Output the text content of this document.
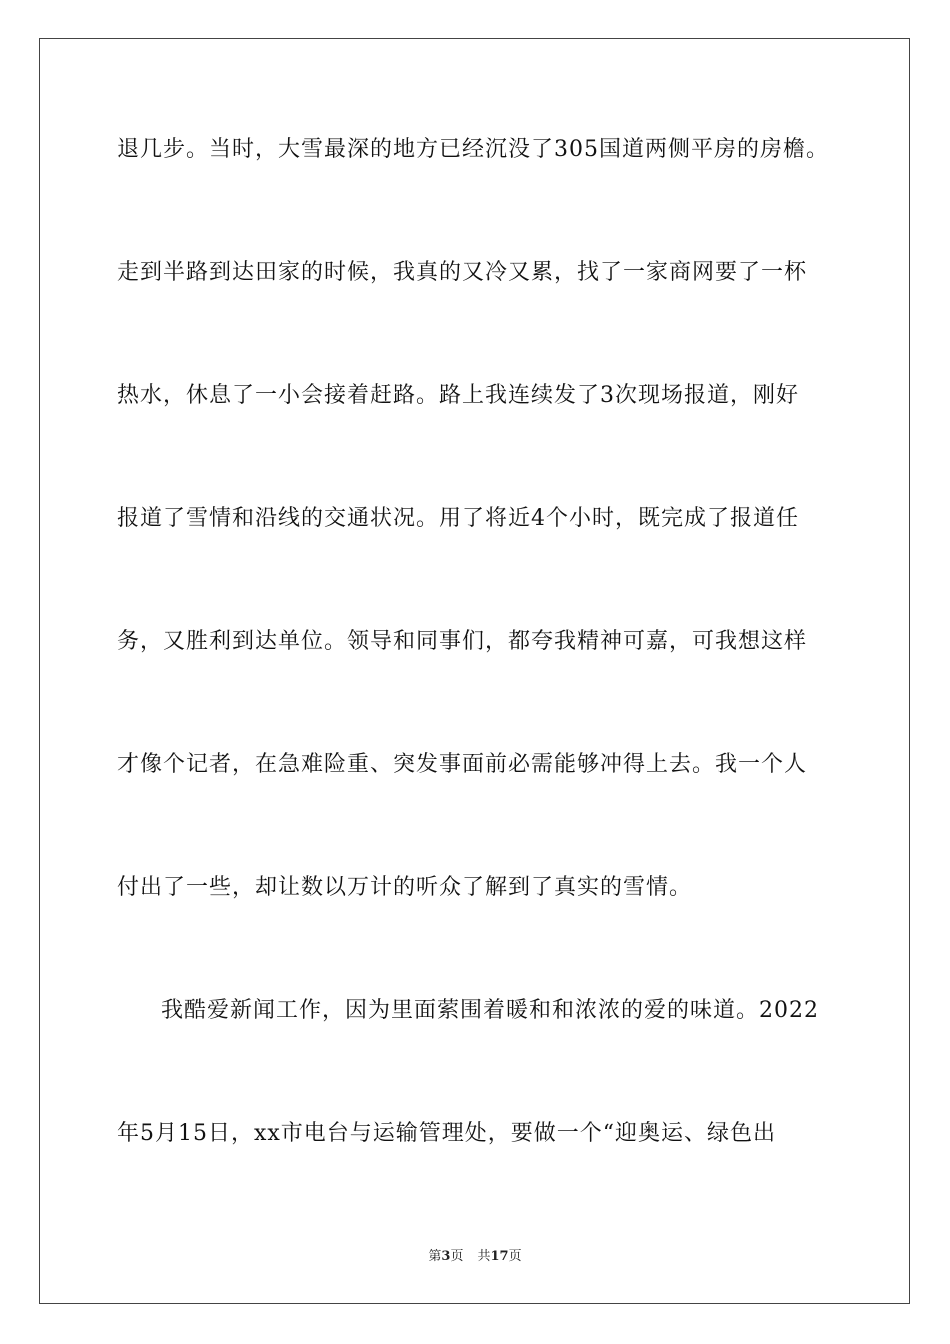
退几步。当时，大雪最深的地方已经沉没了305国道两侧平房的房檐。
走到半路到达田家的时候，我真的又冷又累，找了一家商网要了一杯
热水，休息了一小会接着赶路。路上我连续发了3次现场报道，刚好
报道了雪情和沿线的交通状况。用了将近4个小时，既完成了报道任
务，又胜利到达单位。领导和同事们，都夸我精神可嘉，可我想这样
才像个记者，在急难险重、突发事面前必需能够冲得上去。我一个人
付出了一些，却让数以万计的听众了解到了真实的雪情。
我酷爱新闻工作，因为里面萦围着暖和和浓浓的爱的味道。2022
年5月15日，xx市电台与运输管理处，要做一个“迎奥运、绿色出
第3页 共17页
